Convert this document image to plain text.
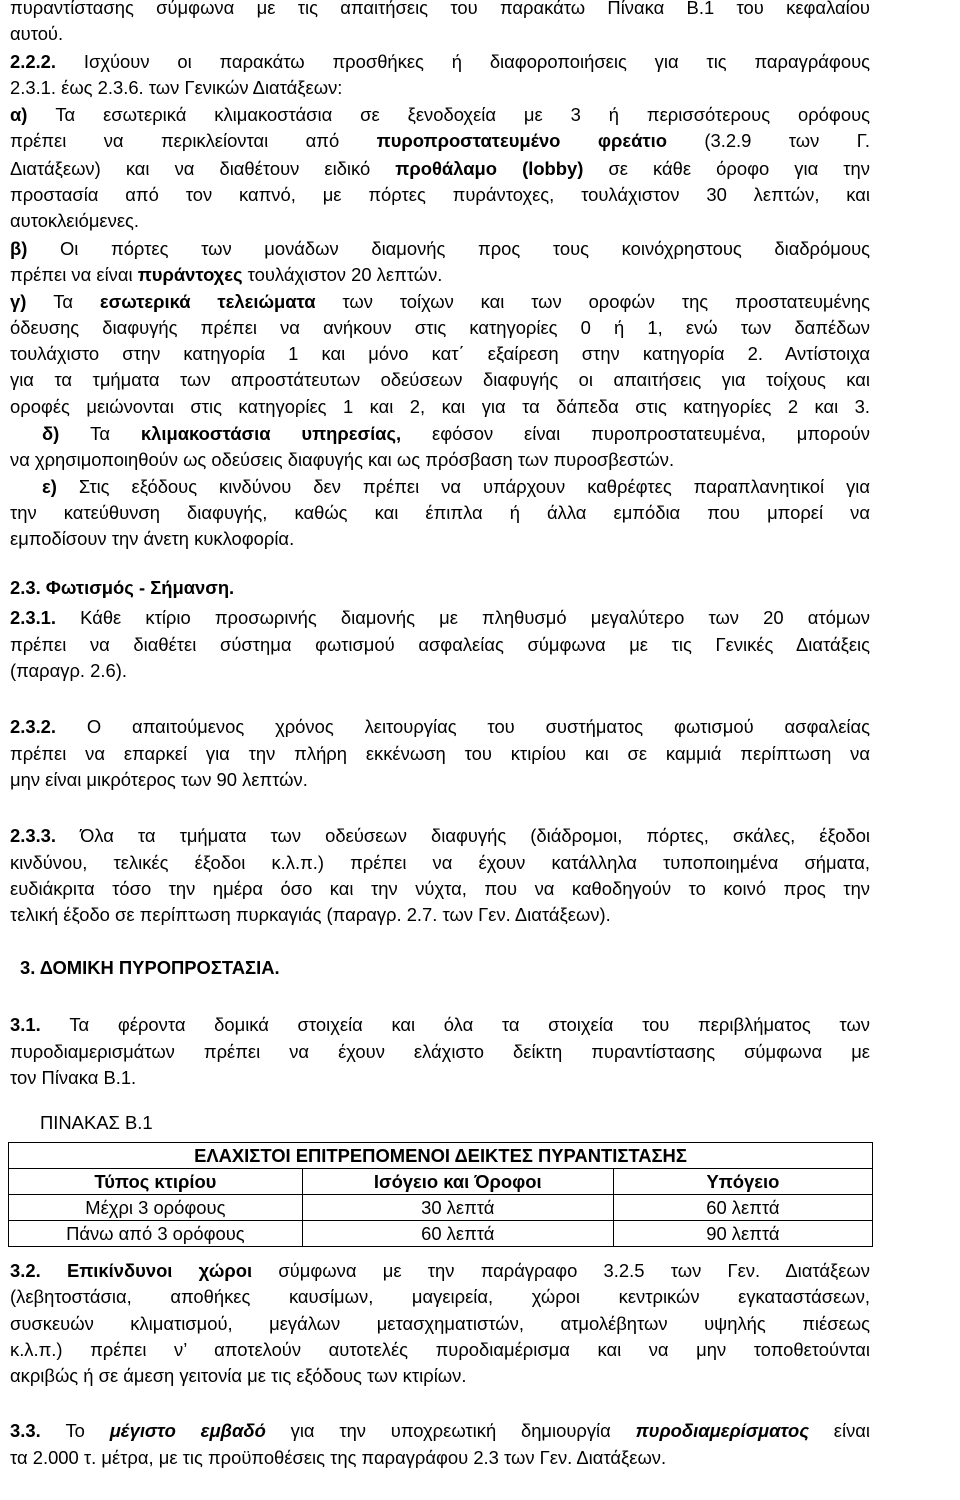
πυραντίστασης σύμφωνα με τις απαιτήσεις του παρακάτω Πίνακα Β.1 του κεφαλαίου

αυτού.

2.2.2. Ισχύουν οι παρακάτω προσθήκες ή διαφοροποιήσεις για τις παραγράφους

2.3.1. έως 2.3.6. των Γενικών Διατάξεων:

α) Τα εσωτερικά κλιμακοστάσια σε ξενοδοχεία με 3 ή περισσότερους ορόφους

πρέπει να περικλείονται από πυροπροστατευμένο φρεάτιο (3.2.9 των Γ.

Διατάξεων) και να διαθέτουν ειδικό προθάλαμο (lobby) σε κάθε όροφο για την

προστασία από τον καπνό, με πόρτες πυράντοχες, τουλάχιστον 30 λεπτών, και

αυτοκλειόμενες.

β) Οι πόρτες των μονάδων διαμονής προς τους κοινόχρηστους διαδρόμους

πρέπει να είναι πυράντοχες τουλάχιστον 20 λεπτών.

γ) Τα εσωτερικά τελειώματα των τοίχων και των οροφών της προστατευμένης

όδευσης διαφυγής πρέπει να ανήκουν στις κατηγορίες 0 ή 1, ενώ των δαπέδων

τουλάχιστο στην κατηγορία 1 και μόνο κατ΄ εξαίρεση στην κατηγορία 2. Αντίστοιχα

για τα τμήματα των απροστάτευτων οδεύσεων διαφυγής οι απαιτήσεις για τοίχους και

οροφές μειώνονται στις κατηγορίες 1 και 2, και για τα δάπεδα στις κατηγορίες 2 και 3.

δ) Τα κλιμακοστάσια υπηρεσίας, εφόσον είναι πυροπροστατευμένα, μπορούν

να χρησιμοποιηθούν ως οδεύσεις διαφυγής και ως πρόσβαση των πυροσβεστών.

ε) Στις εξόδους κινδύνου δεν πρέπει να υπάρχουν καθρέφτες παραπλανητικοί για

την κατεύθυνση διαφυγής, καθώς και έπιπλα ή άλλα εμπόδια που μπορεί να

εμποδίσουν την άνετη κυκλοφορία.

2.3. Φωτισμός - Σήμανση.

2.3.1. Κάθε κτίριο προσωρινής διαμονής με πληθυσμό μεγαλύτερο των 20 ατόμων

πρέπει να διαθέτει σύστημα φωτισμού ασφαλείας σύμφωνα με τις Γενικές Διατάξεις

(παραγρ. 2.6).

2.3.2. Ο απαιτούμενος χρόνος λειτουργίας του συστήματος φωτισμού ασφαλείας

πρέπει να επαρκεί για την πλήρη εκκένωση του κτιρίου και σε καμμιά περίπτωση να

μην είναι μικρότερος των 90 λεπτών.

2.3.3. Όλα τα τμήματα των οδεύσεων διαφυγής (διάδρομοι, πόρτες, σκάλες, έξοδοι

κινδύνου, τελικές έξοδοι κ.λ.π.) πρέπει να έχουν κατάλληλα τυποποιημένα σήματα,

ευδιάκριτα τόσο την ημέρα όσο και την νύχτα, που να καθοδηγούν το κοινό προς την

τελική έξοδο σε περίπτωση πυρκαγιάς (παραγρ. 2.7. των Γεν. Διατάξεων).

3. ΔΟΜΙΚΗ ΠΥΡΟΠΡΟΣΤΑΣΙΑ.

3.1. Τα φέροντα δομικά στοιχεία και όλα τα στοιχεία του περιβλήματος των

πυροδιαμερισμάτων πρέπει να έχουν ελάχιστο δείκτη πυραντίστασης σύμφωνα με

τον Πίνακα Β.1.

ΠΙΝΑΚΑΣ Β.1
ΕΛΑΧΙΣΤΟΙ ΕΠΙΤΡΕΠΟΜΕΝΟΙ ΔΕΙΚΤΕΣ ΠΥΡΑΝΤΙΣΤΑΣΗΣ		
Τύπος κτιρίου	Ισόγειο και Όροφοι	Υπόγειο
Μέχρι 3 ορόφους	30 λεπτά	60 λεπτά
Πάνω από 3 ορόφους	60 λεπτά	90 λεπτά

3.2. Επικίνδυνοι χώροι σύμφωνα με την παράγραφο 3.2.5 των Γεν. Διατάξεων

(λεβητοστάσια, αποθήκες καυσίμων, μαγειρεία, χώροι κεντρικών εγκαταστάσεων,

συσκευών κλιματισμού, μεγάλων μετασχηματιστών, ατμολέβητων υψηλής πιέσεως

κ.λ.π.) πρέπει ν’ αποτελούν αυτοτελές πυροδιαμέρισμα και να μην τοποθετούνται

ακριβώς ή σε άμεση γειτονία με τις εξόδους των κτιρίων.

3.3. Το μέγιστο εμβαδό για την υποχρεωτική δημιουργία πυροδιαμερίσματος είναι

τα 2.000 τ. μέτρα, με τις προϋποθέσεις της παραγράφου 2.3 των Γεν. Διατάξεων.
